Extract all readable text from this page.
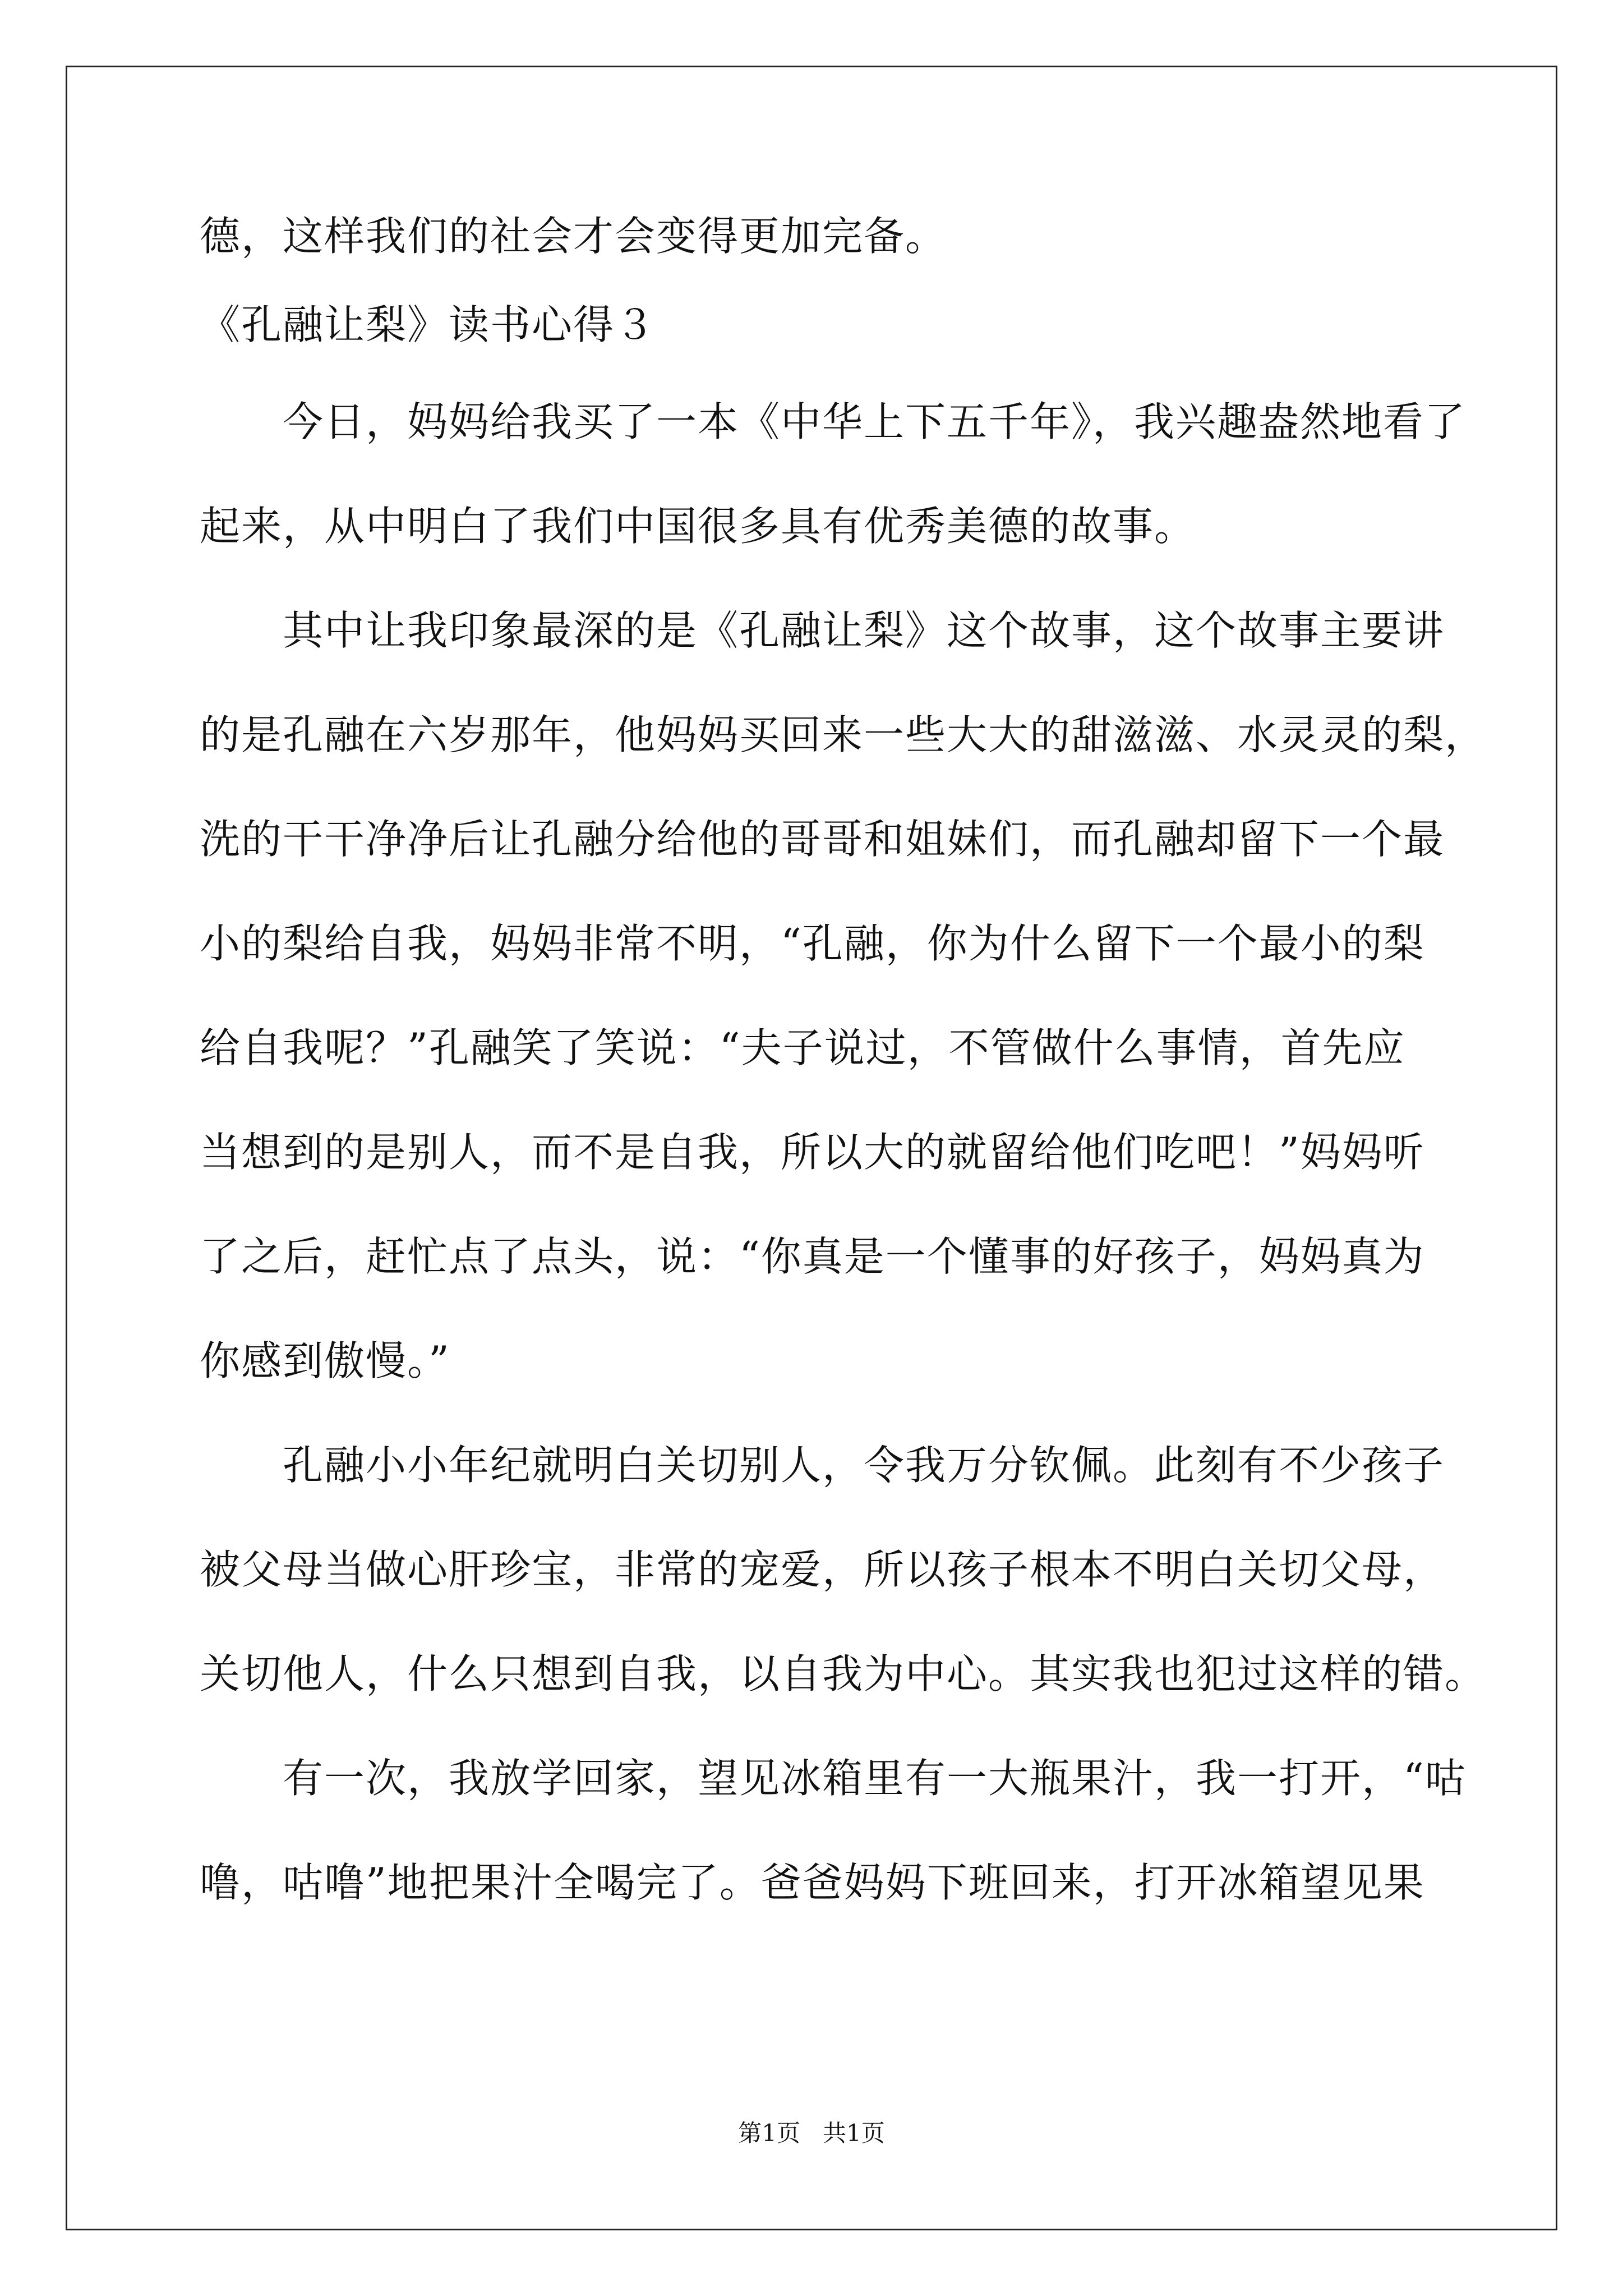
德，这样我们的社会才会变得更加完备。
《孔融让梨》读书心得３
今日，妈妈给我买了一本《中华上下五千年》，我兴趣盎然地看了
起来，从中明白了我们中国很多具有优秀美德的故事。
其中让我印象最深的是《孔融让梨》这个故事，这个故事主要讲
的是孔融在六岁那年，他妈妈买回来一些大大的甜滋滋、水灵灵的梨，
洗的干干净净后让孔融分给他的哥哥和姐妹们，而孔融却留下一个最
小的梨给自我，妈妈非常不明，“孔融，你为什么留下一个最小的梨
给自我呢？”孔融笑了笑说：“夫子说过，不管做什么事情，首先应
当想到的是别人，而不是自我，所以大的就留给他们吃吧！”妈妈听
了之后，赶忙点了点头，说：“你真是一个懂事的好孩子，妈妈真为
你感到傲慢。”
孔融小小年纪就明白关切别人，令我万分钦佩。此刻有不少孩子
被父母当做心肝珍宝，非常的宠爱，所以孩子根本不明白关切父母，
关切他人，什么只想到自我，以自我为中心。其实我也犯过这样的错。
有一次，我放学回家，望见冰箱里有一大瓶果汁，我一打开，“咕
噜，咕噜”地把果汁全喝完了。爸爸妈妈下班回来，打开冰箱望见果
第1页   共1页
